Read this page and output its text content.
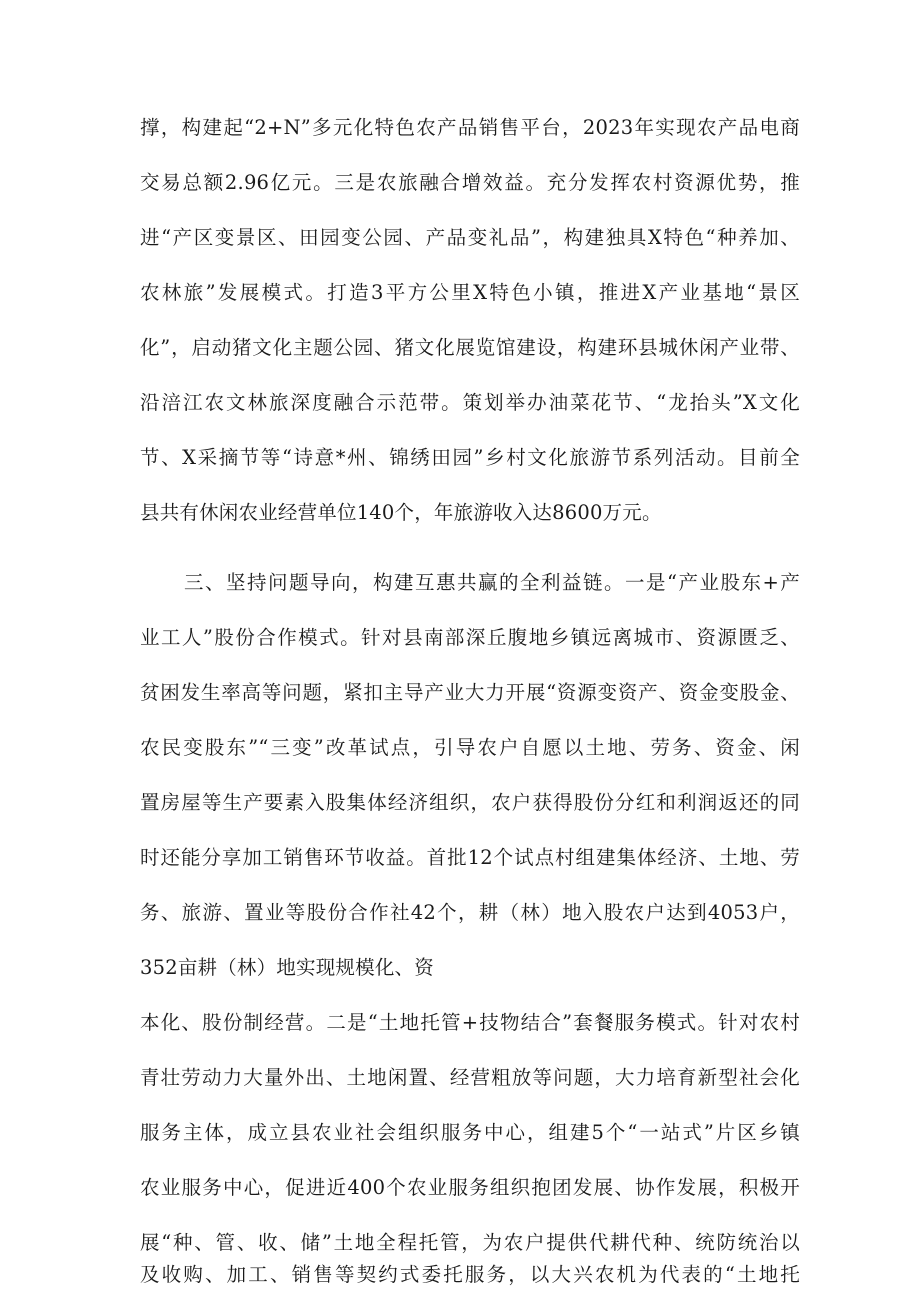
撑，构建起“2+N”多元化特色农产品销售平台，2023年实现农产品电商
交易总额2.96亿元。三是农旅融合增效益。充分发挥农村资源优势，推
进“产区变景区、田园变公园、产品变礼品”，构建独具X特色“种养加、
农林旅”发展模式。打造3平方公里X特色小镇，推进X产业基地“景区
化”，启动猪文化主题公园、猪文化展览馆建设，构建环县城休闲产业带、
沿涪江农文林旅深度融合示范带。策划举办油菜花节、“龙抬头”X文化
节、X采摘节等“诗意*州、锦绣田园”乡村文化旅游节系列活动。目前全
县共有休闲农业经营单位140个，年旅游收入达8600万元。
三、坚持问题导向，构建互惠共赢的全利益链。一是“产业股东+产
业工人”股份合作模式。针对县南部深丘腹地乡镇远离城市、资源匮乏、
贫困发生率高等问题，紧扣主导产业大力开展“资源变资产、资金变股金、
农民变股东”“三变”改革试点，引导农户自愿以土地、劳务、资金、闲
置房屋等生产要素入股集体经济组织，农户获得股份分红和利润返还的同
时还能分享加工销售环节收益。首批12个试点村组建集体经济、土地、劳
务、旅游、置业等股份合作社42个，耕（林）地入股农户达到4053户，
352亩耕（林）地实现规模化、资
本化、股份制经营。二是“土地托管+技物结合”套餐服务模式。针对农村
青壮劳动力大量外出、土地闲置、经营粗放等问题，大力培育新型社会化
服务主体，成立县农业社会组织服务中心，组建5个“一站式”片区乡镇
农业服务中心，促进近400个农业服务组织抱团发展、协作发展，积极开
展“种、管、收、储”土地全程托管，为农户提供代耕代种、统防统治以
及收购、加工、销售等契约式委托服务，以大兴农机为代表的“土地托
